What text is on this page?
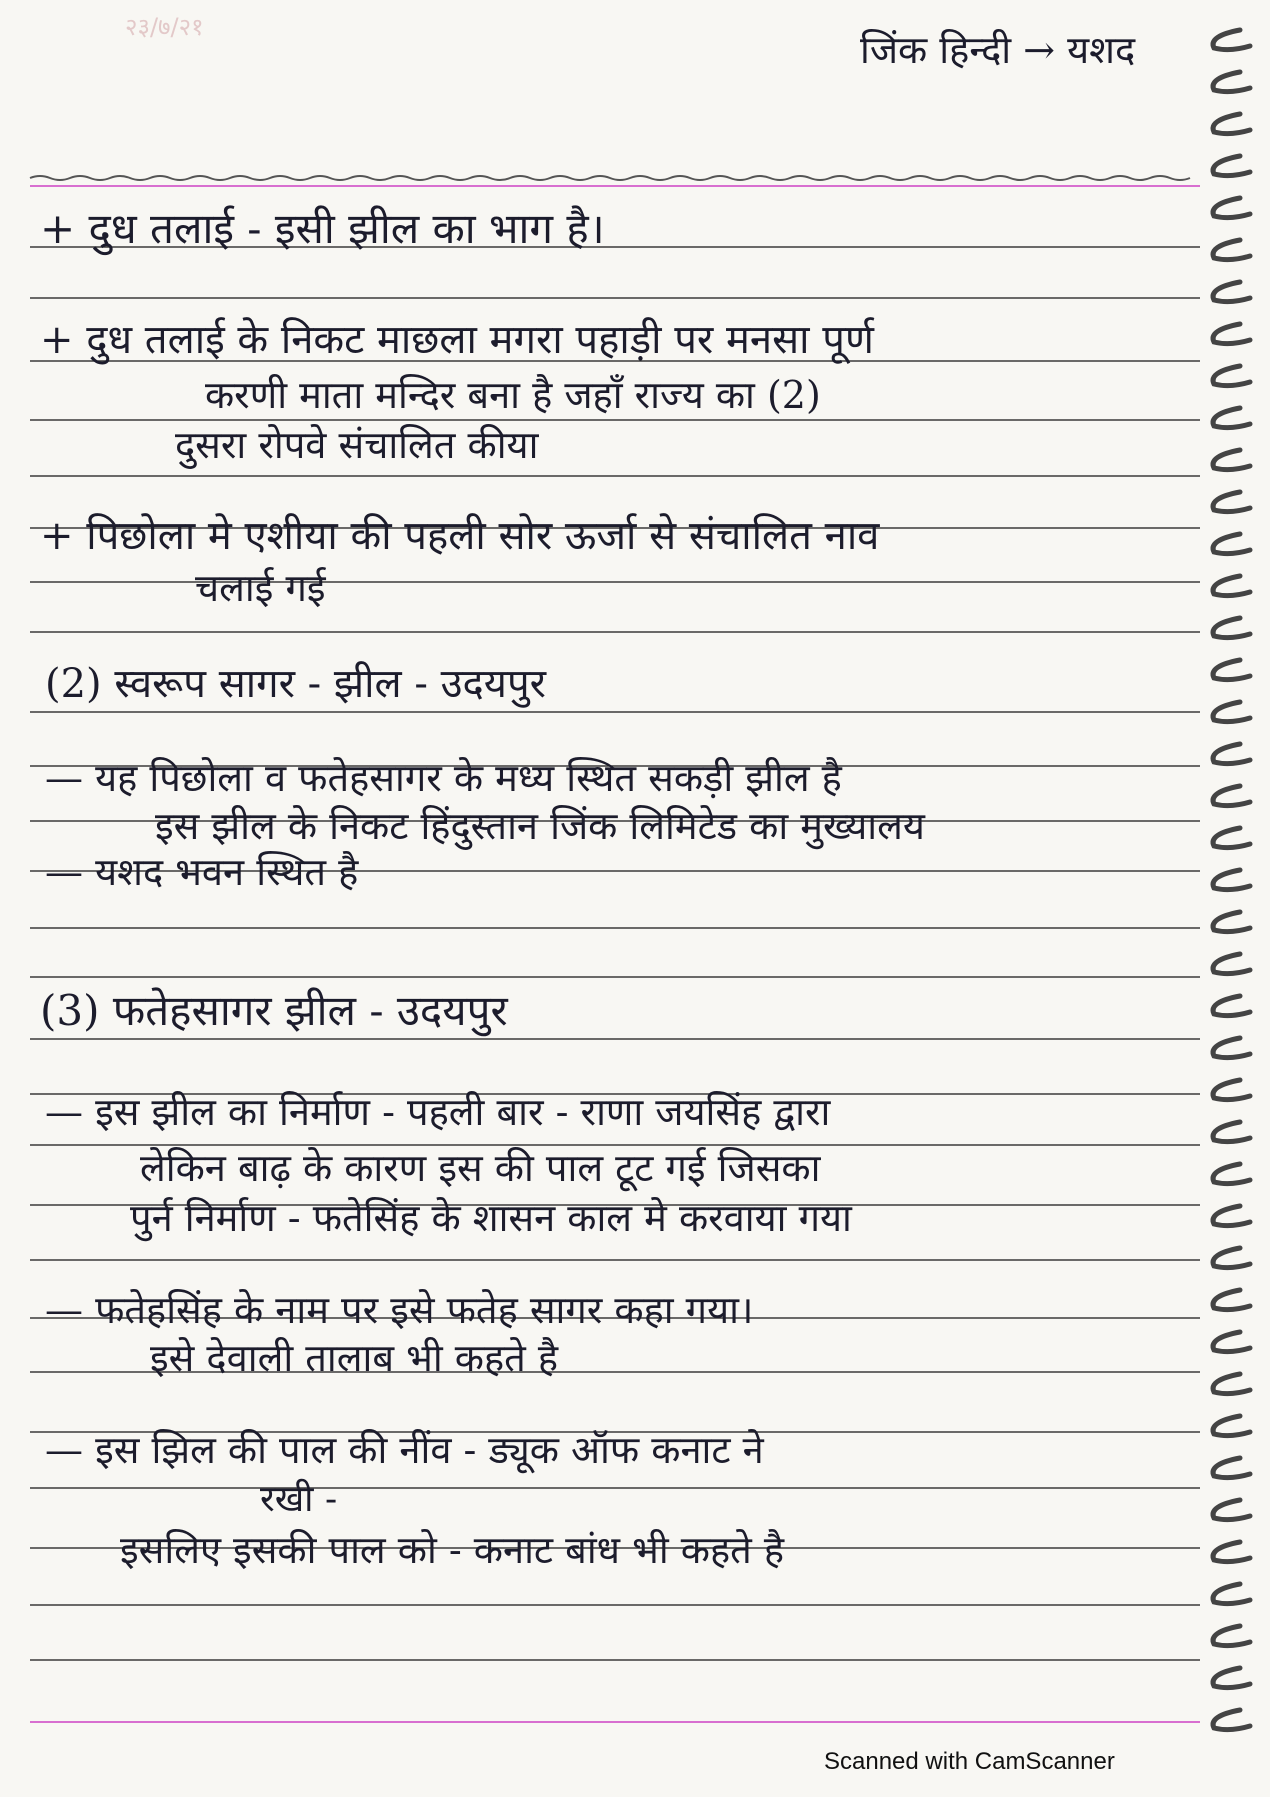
२३/७/२१
जिंक हिन्दी → यशद
+ दुध तलाई - इसी झील का भाग है।
+ दुध तलाई के निकट माछला मगरा पहाड़ी पर मनसा पूर्ण
करणी माता मन्दिर बना है जहाँ राज्य का (2)
दुसरा रोपवे संचालित कीया
+ पिछोला मे एशीया की पहली सोर ऊर्जा से संचालित नाव
चलाई गई
(2) स्वरूप सागर - झील - उदयपुर
— यह पिछोला व फतेहसागर के मध्य स्थित सकड़ी झील है
इस झील के निकट हिंदुस्तान जिंक लिमिटेड का मुख्यालय
— यशद भवन स्थित है
(3) फतेहसागर झील - उदयपुर
— इस झील का निर्माण - पहली बार - राणा जयसिंह द्वारा
लेकिन बाढ़ के कारण इस की पाल टूट गई जिसका
पुर्न निर्माण - फतेसिंह के शासन काल मे करवाया गया
— फतेहसिंह के नाम पर इसे फतेह सागर कहा गया।
इसे देवाली तालाब भी कहते है
— इस झिल की पाल की नींव - ड्यूक ऑफ कनाट ने
रखी -
इसलिए इसकी पाल को - कनाट बांध भी कहते है
Scanned with CamScanner
